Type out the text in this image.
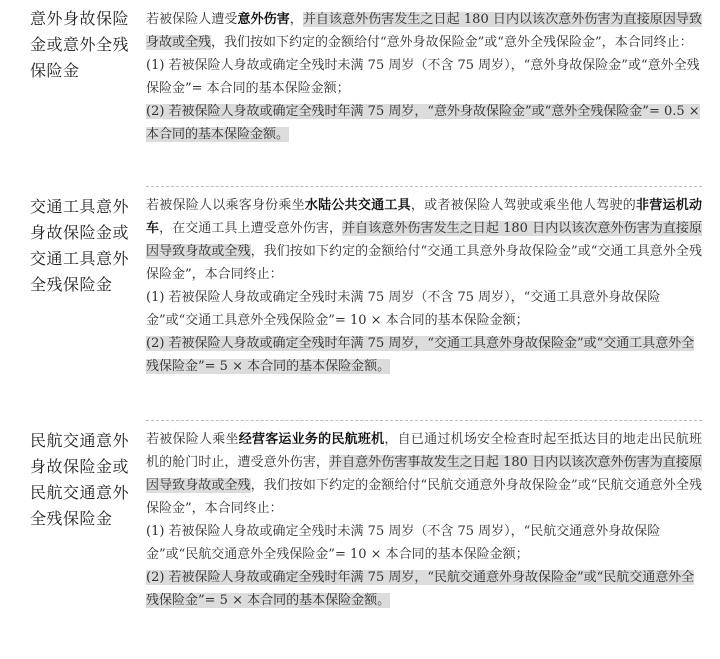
意外身故保险
金或意外全残
保险金

若被保险人遭受意外伤害，并自该意外伤害发生之日起 180 日内以该次意外伤害为直接原因导致身故或全残，我们按如下约定的金额给付“意外身故保险金”或“意外全残保险金”，本合同终止：

(1) 若被保险人身故或确定全残时未满 75 周岁（不含 75 周岁），“意外身故保险金”或“意外全残保险金”= 本合同的基本保险金额；

(2) 若被保险人身故或确定全残时年满 75 周岁，“意外身故保险金”或“意外全残保险金”= 0.5 × 本合同的基本保险金额。

交通工具意外
身故保险金或
交通工具意外
全残保险金

若被保险人以乘客身份乘坐水陆公共交通工具，或者被保险人驾驶或乘坐他人驾驶的非营运机动车，在交通工具上遭受意外伤害，并自该意外伤害发生之日起 180 日内以该次意外伤害为直接原因导致身故或全残，我们按如下约定的金额给付“交通工具意外身故保险金”或“交通工具意外全残保险金”，本合同终止：

(1) 若被保险人身故或确定全残时未满 75 周岁（不含 75 周岁），“交通工具意外身故保险金”或“交通工具意外全残保险金”= 10 × 本合同的基本保险金额；

(2) 若被保险人身故或确定全残时年满 75 周岁，“交通工具意外身故保险金”或“交通工具意外全残保险金”= 5 × 本合同的基本保险金额。

民航交通意外
身故保险金或
民航交通意外
全残保险金

若被保险人乘坐经营客运业务的民航班机，自已通过机场安全检查时起至抵达目的地走出民航班机的舱门时止，遭受意外伤害，并自意外伤害事故发生之日起 180 日内以该次意外伤害为直接原因导致身故或全残，我们按如下约定的金额给付“民航交通意外身故保险金”或“民航交通意外全残保险金”，本合同终止：

(1) 若被保险人身故或确定全残时未满 75 周岁（不含 75 周岁），“民航交通意外身故保险金”或“民航交通意外全残保险金”= 10 × 本合同的基本保险金额；

(2) 若被保险人身故或确定全残时年满 75 周岁，“民航交通意外身故保险金”或“民航交通意外全残保险金”= 5 × 本合同的基本保险金额。
